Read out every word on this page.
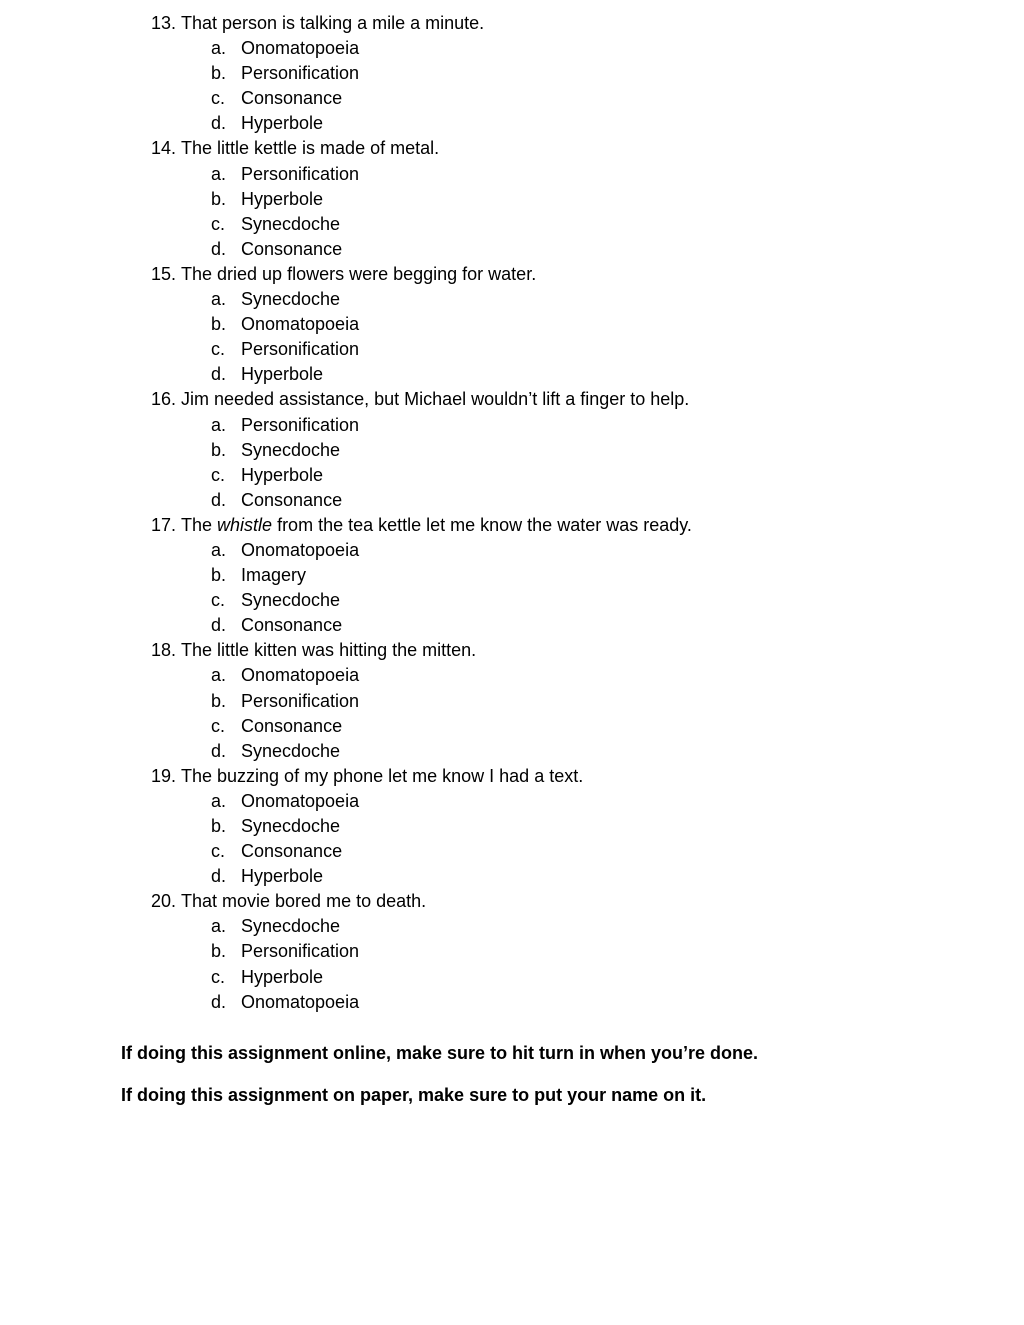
13. That person is talking a mile a minute.
a. Onomatopoeia
b. Personification
c. Consonance
d. Hyperbole
14. The little kettle is made of metal.
a. Personification
b. Hyperbole
c. Synecdoche
d. Consonance
15. The dried up flowers were begging for water.
a. Synecdoche
b. Onomatopoeia
c. Personification
d. Hyperbole
16. Jim needed assistance, but Michael wouldn’t lift a finger to help.
a. Personification
b. Synecdoche
c. Hyperbole
d. Consonance
17. The whistle from the tea kettle let me know the water was ready.
a. Onomatopoeia
b. Imagery
c. Synecdoche
d. Consonance
18. The little kitten was hitting the mitten.
a. Onomatopoeia
b. Personification
c. Consonance
d. Synecdoche
19. The buzzing of my phone let me know I had a text.
a. Onomatopoeia
b. Synecdoche
c. Consonance
d. Hyperbole
20. That movie bored me to death.
a. Synecdoche
b. Personification
c. Hyperbole
d. Onomatopoeia
If doing this assignment online, make sure to hit turn in when you’re done.
If doing this assignment on paper, make sure to put your name on it.
